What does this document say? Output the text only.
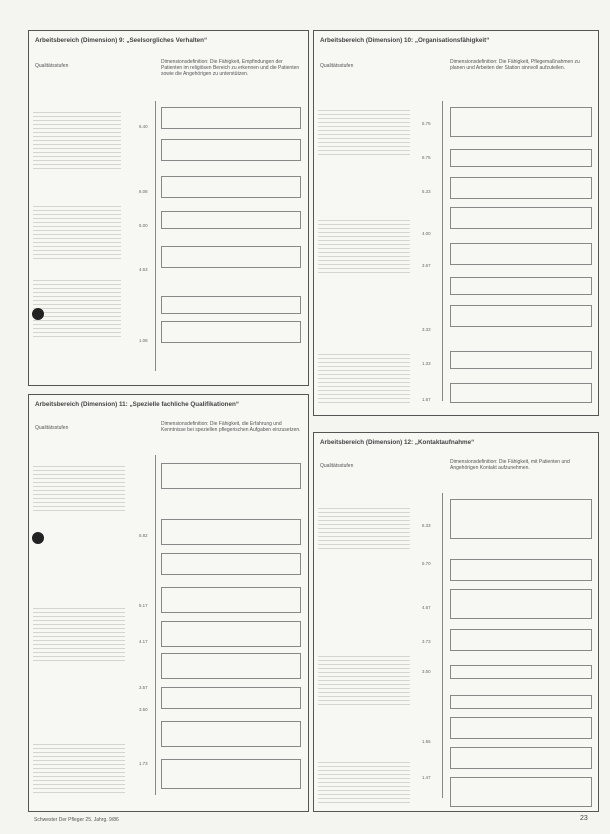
Arbeitsbereich (Dimension) 9: „Seelsorgliches Verhalten“
Qualitätsstufen
Dimensionsdefinition: Die Fähigkeit, Empfindungen der Patienten im religiösen Bereich zu erkennen und die Patienten sowie die Angehörigen zu unterstützen.
6.40
6.08
5.00
4.63
1.08
Arbeitsbereich (Dimension) 10: „Organisationsfähigkeit“
Qualitätsstufen
Dimensionsdefinition: Die Fähigkeit, Pflegemaßnahmen zu planen und Arbeiten der Station sinnvoll aufzuteilen.
5.75
6.75
5.33
4.00
3.67
3.33
1.33
1.67
Arbeitsbereich (Dimension) 11: „Spezielle fachliche Qualifikationen“
Qualitätsstufen
Dimensionsdefinition: Die Fähigkeit, die Erfahrung und Kenntnisse bei speziellen pflegerischen Aufgaben einzusetzen.
5.82
5.17
4.17
3.57
3.50
1.73
Arbeitsbereich (Dimension) 12: „Kontaktaufnahme“
Qualitätsstufen
Dimensionsdefinition: Die Fähigkeit, mit Patienten und Angehörigen Kontakt aufzunehmen.
6.33
5.70
4.67
3.73
3.50
1.55
1.47
Schwester Der Pfleger 25. Jahrg. 9/86	23
